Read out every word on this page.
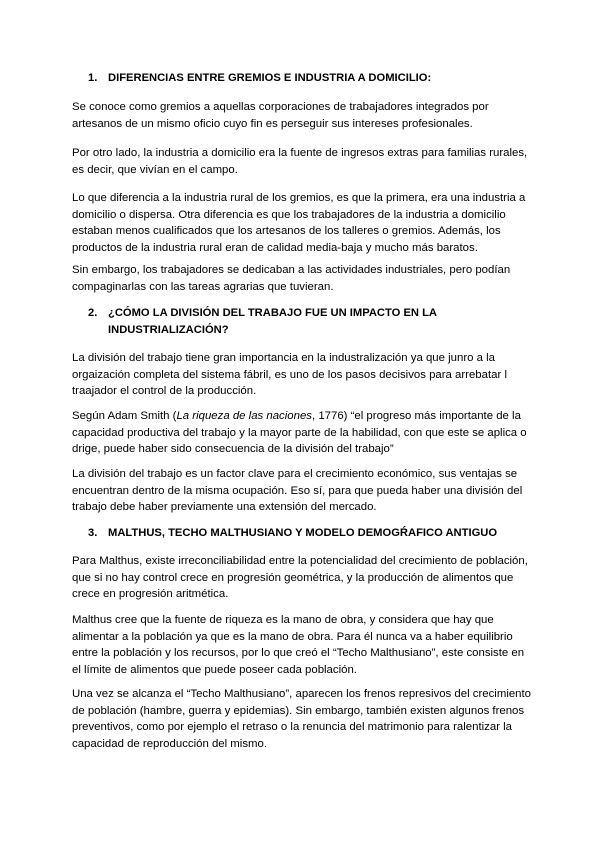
1. DIFERENCIAS ENTRE GREMIOS E INDUSTRIA A DOMICILIO:

Se conoce como gremios a aquellas corporaciones de trabajadores integrados por artesanos de un mismo oficio cuyo fin es perseguir sus intereses profesionales.

Por otro lado, la industria a domicilio era la fuente de ingresos extras para familias rurales, es decir, que vivían en el campo.

Lo que diferencia a la industria rural de los gremios, es que la primera, era una industria a domicilio o dispersa. Otra diferencia es que los trabajadores de la industria a domicilio estaban menos cualificados que los artesanos de los talleres o gremios. Además, los productos de la industria rural eran de calidad media-baja y mucho más baratos.

Sin embargo, los trabajadores se dedicaban a las actividades industriales, pero podían compaginarlas con las tareas agrarias que tuvieran.

2. ¿CÓMO LA DIVISIÓN DEL TRABAJO FUE UN IMPACTO EN LA INDUSTRIALIZACIÓN?

La división del trabajo tiene gran importancia en la industralización ya que junro a la orgaización completa del sistema fábril, es uno de los pasos decisivos para arrebatar l traajador el control de la producción.

Según Adam Smith (La riqueza de las naciones, 1776) “el progreso más importante de la capacidad productiva del trabajo y la mayor parte de la habilidad, con que este se aplica o drige, puede haber sido consecuencia de la división del trabajo”

La división del trabajo es un factor clave para el crecimiento económico, sus ventajas se encuentran dentro de la misma ocupación. Eso sí, para que pueda haber una división del trabajo debe haber previamente una extensión del mercado.

3. MALTHUS, TECHO MALTHUSIANO Y MODELO DEMOGŔAFICO ANTIGUO

Para Malthus, existe irreconciliabilidad entre la potencialidad del crecimiento de población, que si no hay control crece en progresión geométrica, y la producción de alimentos que crece en progresión aritmética.

Malthus cree que la fuente de riqueza es la mano de obra, y considera que hay que alimentar a la población ya que es la mano de obra. Para él nunca va a haber equilibrio entre la población y los recursos, por lo que creó el “Techo Malthusiano”, este consiste en el límite de alimentos que puede poseer cada población.

Una vez se alcanza el “Techo Malthusiano”, aparecen los frenos represivos del crecimiento de población (hambre, guerra y epidemias). Sin embargo, también existen algunos frenos preventivos, como por ejemplo el retraso o la renuncia del matrimonio para ralentizar la capacidad de reproducción del mismo.
